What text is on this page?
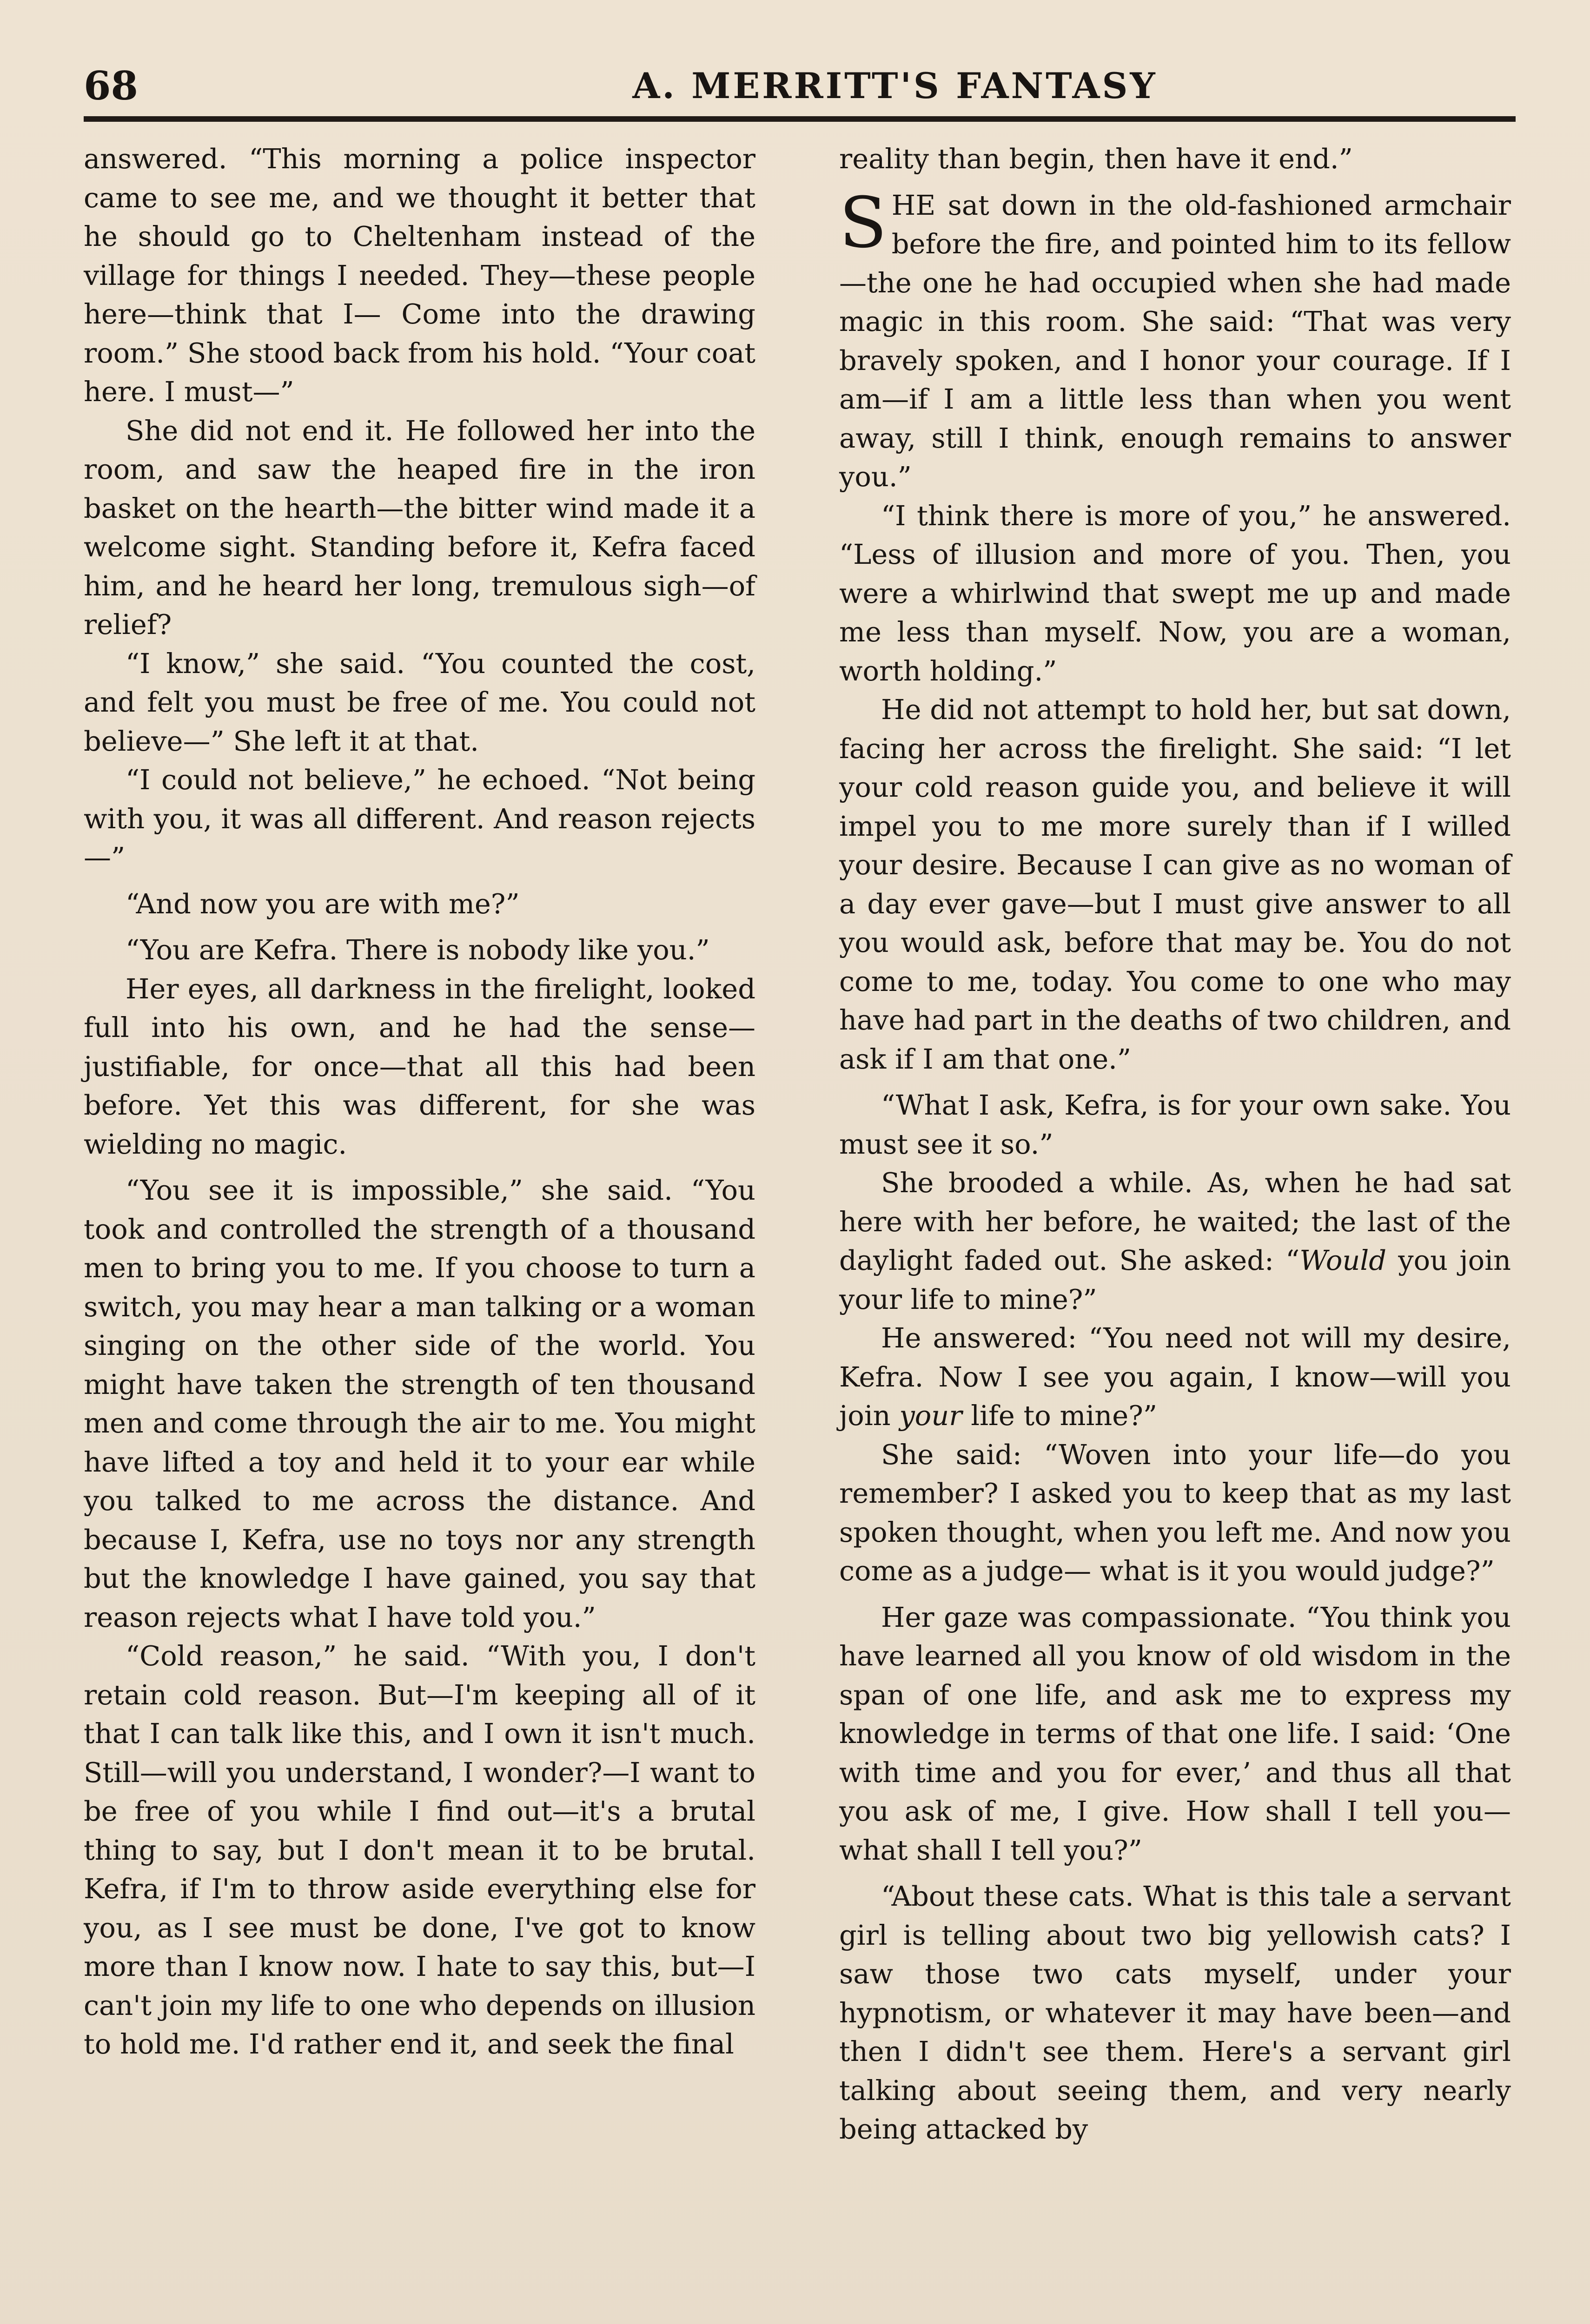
68	A. MERRITT'S FANTASY

answered. “This morning a police inspector came to see me, and we thought it better that he should go to Cheltenham instead of the village for things I needed. They—these people here—think that I— Come into the drawing room.” She stood back from his hold. “Your coat here. I must—”

She did not end it. He followed her into the room, and saw the heaped fire in the iron basket on the hearth—the bitter wind made it a welcome sight. Standing before it, Kefra faced him, and he heard her long, tremulous sigh—of relief?

“I know,” she said. “You counted the cost, and felt you must be free of me. You could not believe—” She left it at that.

“I could not believe,” he echoed. “Not being with you, it was all different. And reason rejects—”

“And now you are with me?”

“You are Kefra. There is nobody like you.”

Her eyes, all darkness in the firelight, looked full into his own, and he had the sense—justifiable, for once—that all this had been before. Yet this was different, for she was wielding no magic.

“You see it is impossible,” she said. “You took and controlled the strength of a thousand men to bring you to me. If you choose to turn a switch, you may hear a man talking or a woman singing on the other side of the world. You might have taken the strength of ten thousand men and come through the air to me. You might have lifted a toy and held it to your ear while you talked to me across the distance. And because I, Kefra, use no toys nor any strength but the knowledge I have gained, you say that reason rejects what I have told you.”

“Cold reason,” he said. “With you, I don't retain cold reason. But—I'm keeping all of it that I can talk like this, and I own it isn't much. Still—will you understand, I wonder?—I want to be free of you while I find out—it's a brutal thing to say, but I don't mean it to be brutal. Kefra, if I'm to throw aside everything else for you, as I see must be done, I've got to know more than I know now. I hate to say this, but—I can't join my life to one who depends on illusion to hold me. I'd rather end it, and seek the final

reality than begin, then have it end.”

SHE sat down in the old-fashioned armchair before the fire, and pointed him to its fellow—the one he had occupied when she had made magic in this room. She said: “That was very bravely spoken, and I honor your courage. If I am—if I am a little less than when you went away, still I think, enough remains to answer you.”

“I think there is more of you,” he answered. “Less of illusion and more of you. Then, you were a whirlwind that swept me up and made me less than myself. Now, you are a woman, worth holding.”

He did not attempt to hold her, but sat down, facing her across the firelight. She said: “I let your cold reason guide you, and believe it will impel you to me more surely than if I willed your desire. Because I can give as no woman of a day ever gave—but I must give answer to all you would ask, before that may be. You do not come to me, today. You come to one who may have had part in the deaths of two children, and ask if I am that one.”

“What I ask, Kefra, is for your own sake. You must see it so.”

She brooded a while. As, when he had sat here with her before, he waited; the last of the daylight faded out. She asked: “Would you join your life to mine?”

He answered: “You need not will my desire, Kefra. Now I see you again, I know—will you join your life to mine?”

She said: “Woven into your life—do you remember? I asked you to keep that as my last spoken thought, when you left me. And now you come as a judge— what is it you would judge?”

Her gaze was compassionate. “You think you have learned all you know of old wisdom in the span of one life, and ask me to express my knowledge in terms of that one life. I said: ‘One with time and you for ever,’ and thus all that you ask of me, I give. How shall I tell you— what shall I tell you?”

“About these cats. What is this tale a servant girl is telling about two big yellowish cats? I saw those two cats myself, under your hypnotism, or whatever it may have been—and then I didn't see them. Here's a servant girl talking about seeing them, and very nearly being attacked by
